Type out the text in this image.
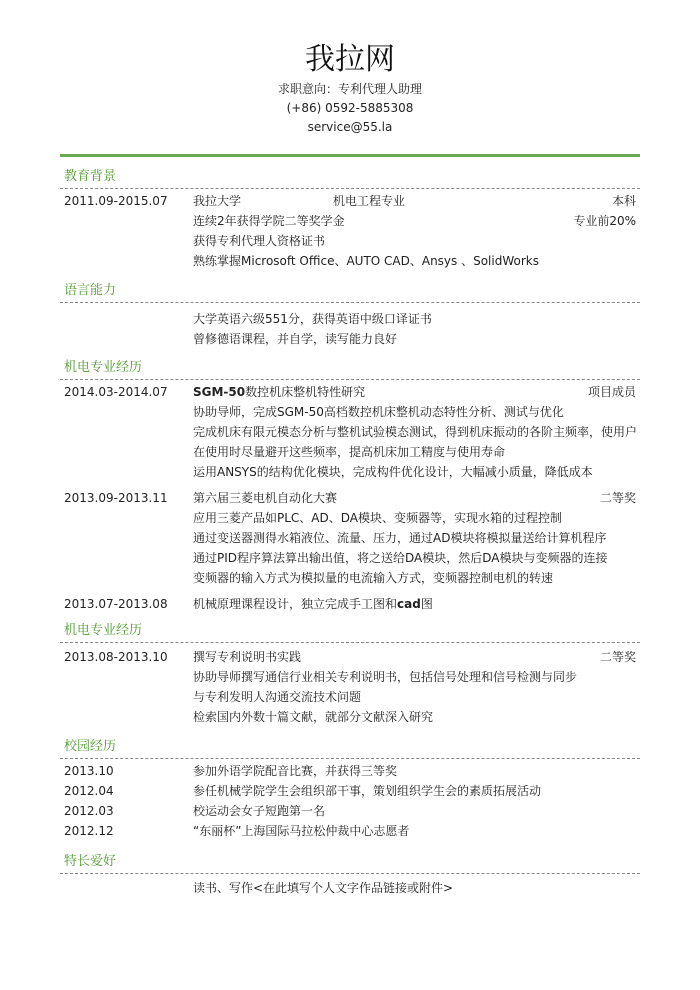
我拉网
求职意向：专利代理人助理
(+86) 0592-5885308
service@55.la
教育背景
2011.09-2015.07 我拉大学	机电工程专业	本科
连续2年获得学院二等奖学金	专业前20%
获得专利代理人资格证书
熟练掌握Microsoft Office、AUTO CAD、Ansys 、SolidWorks
语言能力
大学英语六级551分，获得英语中级口译证书
曾修德语课程，并自学，读写能力良好
机电专业经历
2014.03-2014.07 SGM-50数控机床整机特性研究	项目成员
协助导师，完成SGM-50高档数控机床整机动态特性分析、测试与优化
完成机床有限元模态分析与整机试验模态测试，得到机床振动的各阶主频率，使用户
在使用时尽量避开这些频率，提高机床加工精度与使用寿命
运用ANSYS的结构优化模块，完成构件优化设计，大幅减小质量，降低成本
2013.09-2013.11 第六届三菱电机自动化大赛	二等奖
应用三菱产品如PLC、AD、DA模块、变频器等，实现水箱的过程控制
通过变送器测得水箱液位、流量、压力，通过AD模块将模拟量送给计算机程序
通过PID程序算法算出输出值，将之送给DA模块，然后DA模块与变频器的连接
变频器的输入方式为模拟量的电流输入方式，变频器控制电机的转速
2013.07-2013.08 机械原理课程设计，独立完成手工图和cad图
机电专业经历
2013.08-2013.10 撰写专利说明书实践	二等奖
协助导师撰写通信行业相关专利说明书，包括信号处理和信号检测与同步
与专利发明人沟通交流技术问题
检索国内外数十篇文献，就部分文献深入研究
校园经历
2013.10	参加外语学院配音比赛，并获得三等奖
2012.04	参任机械学院学生会组织部干事，策划组织学生会的素质拓展活动
2012.03	校运动会女子短跑第一名
2012.12	“东丽杯”上海国际马拉松仲裁中心志愿者
特长爱好
读书、写作<在此填写个人文字作品链接或附件>
